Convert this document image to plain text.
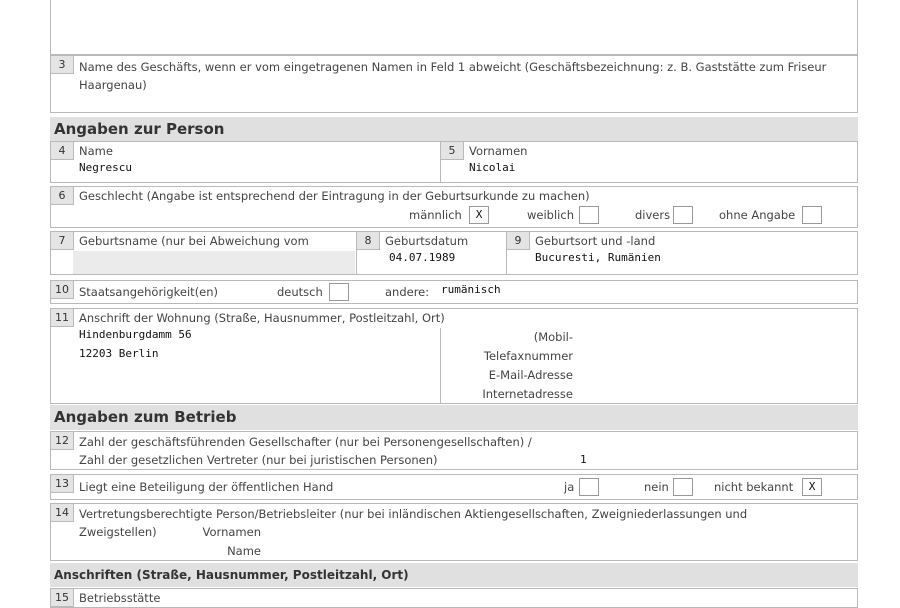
3	Name des Geschäfts, wenn er vom eingetragenen Namen in Feld 1 abweicht (Geschäftsbezeichnung: z. B. Gaststätte zum Friseur Haargenau)
Angaben zur Person
4	Name
Negrescu
5	Vornamen
Nicolai
6	Geschlecht (Angabe ist entsprechend der Eintragung in der Geburtsurkunde zu machen)
männlich	X	weiblich	divers	ohne Angabe
7	Geburtsname (nur bei Abweichung vom	8	Geburtsdatum
04.07.1989
9	Geburtsort und -land
Bucuresti, Rumänien
10 Staatsangehörigkeit(en)	deutsch	andere: rumänisch
11 Anschrift der Wohnung (Straße, Hausnummer, Postleitzahl, Ort)
Hindenburgdamm 56
12203 Berlin
(Mobil-
Telefaxnummer
E-Mail-Adresse
Internetadresse
Angaben zum Betrieb
12 Zahl der geschäftsführenden Gesellschafter (nur bei Personengesellschaften) /
Zahl der gesetzlichen Vertreter (nur bei juristischen Personen)	1
13 Liegt eine Beteiligung der öffentlichen Hand	ja	nein	nicht bekannt	X
14 Vertretungsberechtigte Person/Betriebsleiter (nur bei inländischen Aktiengesellschaften, Zweigniederlassungen und Zweigstellen)	Vornamen
Name
Anschriften (Straße, Hausnummer, Postleitzahl, Ort)
15 Betriebsstätte
